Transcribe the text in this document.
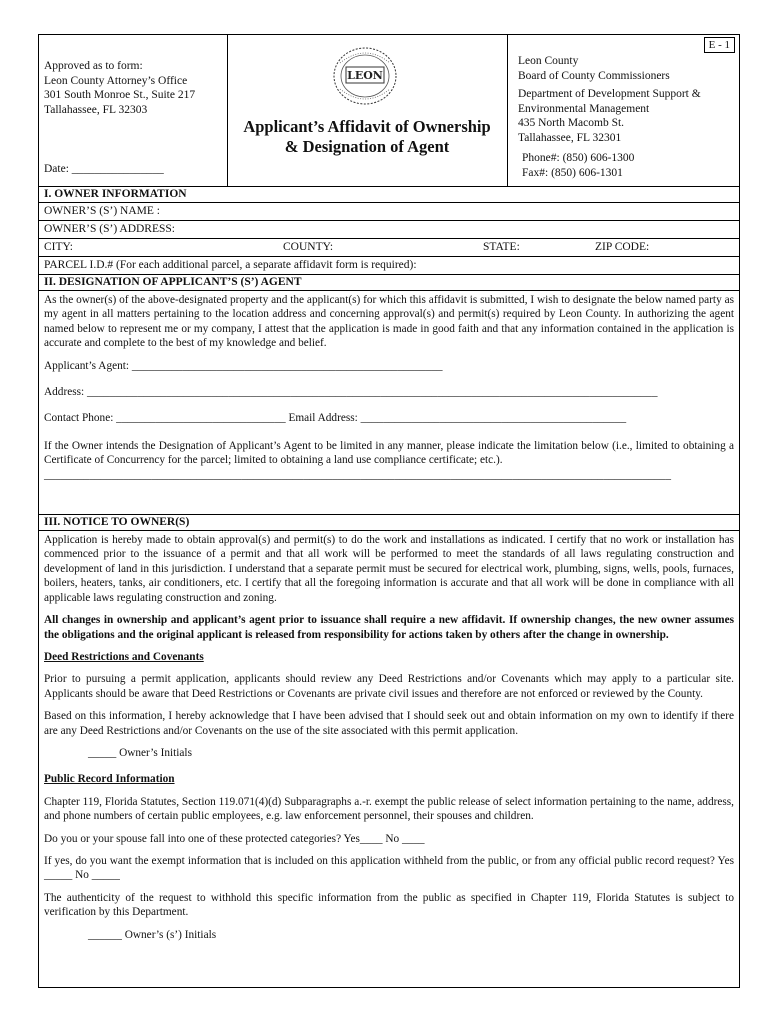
Approved as to form:
Leon County Attorney’s Office
301 South Monroe St., Suite 217
Tallahassee, FL 32303
Date: ________________
LEON
Applicant’s Affidavit of Ownership
& Designation of Agent
E - 1
Leon County
Board of County Commissioners
Department of Development Support &
Environmental Management
435 North Macomb St.
Tallahassee, FL 32301
Phone#: (850) 606-1300
Fax#: (850) 606-1301
I. OWNER INFORMATION
OWNER’S (S’) NAME :
OWNER’S (S’) ADDRESS:
CITY:	COUNTY:	STATE:	ZIP CODE:
PARCEL I.D.# (For each additional parcel, a separate affidavit form is required):
II. DESIGNATION OF APPLICANT’S (S’) AGENT

As the owner(s) of the above-designated property and the applicant(s) for which this affidavit is submitted, I wish to designate the below named party as my agent in all matters pertaining to the location address and concerning approval(s) and permit(s) required by Leon County. In authorizing the agent named below to represent me or my company, I attest that the application is made in good faith and that any information contained in the application is accurate and complete to the best of my knowledge and belief.

Applicant’s Agent: _______________________________________________________
Address: _____________________________________________________________________________________________________
Contact Phone: ______________________________ Email Address: _______________________________________________

If the Owner intends the Designation of Applicant’s Agent to be limited in any manner, please indicate the limitation below (i.e., limited to obtaining a Certificate of Concurrency for the parcel; limited to obtaining a land use compliance certificate; etc.).

_______________________________________________________________________________________________________________
III. NOTICE TO OWNER(S)

Application is hereby made to obtain approval(s) and permit(s) to do the work and installations as indicated. I certify that no work or installation has commenced prior to the issuance of a permit and that all work will be performed to meet the standards of all laws regulating construction and development of land in this jurisdiction. I understand that a separate permit must be secured for electrical work, plumbing, signs, wells, pools, furnaces, boilers, heaters, tanks, air conditioners, etc. I certify that all the foregoing information is accurate and that all work will be done in compliance with all applicable laws regulating construction and zoning.

All changes in ownership and applicant’s agent prior to issuance shall require a new affidavit. If ownership changes, the new owner assumes the obligations and the original applicant is released from responsibility for actions taken by others after the change in ownership.

Deed Restrictions and Covenants

Prior to pursuing a permit application, applicants should review any Deed Restrictions and/or Covenants which may apply to a particular site. Applicants should be aware that Deed Restrictions or Covenants are private civil issues and therefore are not enforced or reviewed by the County.

Based on this information, I hereby acknowledge that I have been advised that I should seek out and obtain information on my own to identify if there are any Deed Restrictions and/or Covenants on the use of the site associated with this permit application.

_____ Owner’s Initials

Public Record Information

Chapter 119, Florida Statutes, Section 119.071(4)(d) Subparagraphs a.-r. exempt the public release of select information pertaining to the name, address, and phone numbers of certain public employees, e.g. law enforcement personnel, their spouses and children.

Do you or your spouse fall into one of these protected categories? Yes____ No ____

If yes, do you want the exempt information that is included on this application withheld from the public, or from any official public record request? Yes _____ No _____

The authenticity of the request to withhold this specific information from the public as specified in Chapter 119, Florida Statutes is subject to verification by this Department.

______ Owner’s (s’) Initials
